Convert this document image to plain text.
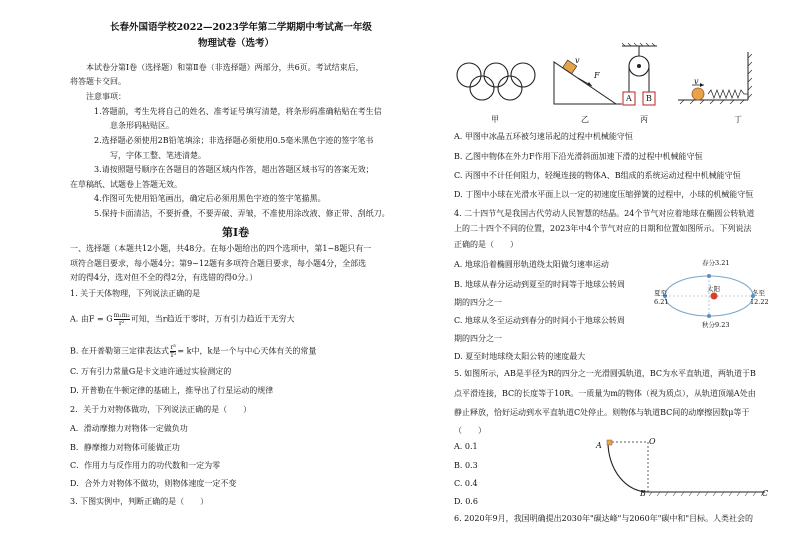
长春外国语学校2022—2023学年第二学期期中考试高一年级
物理试卷（选考）
本试卷分第Ⅰ卷（选择题）和第Ⅱ卷（非选择题）两部分，共6页。考试结束后，
将答题卡交回。
注意事项：
1.答题前，考生先将自己的姓名、准考证号填写清楚，将条形码准确粘贴在考生信
息条形码粘贴区。
2.选择题必须使用2B铅笔填涂；非选择题必须使用0.5毫米黑色字迹的签字笔书
写，字体工整、笔迹清楚。
3.请按照题号顺序在各题目的答题区域内作答，超出答题区域书写的答案无效；
在草稿纸、试题卷上答题无效。
4.作图可先使用铅笔画出，确定后必须用黑色字迹的签字笔描黑。
5.保持卡面清洁，不要折叠，不要弄破、弄皱，不准使用涂改液、修正带、刮纸刀。
第Ⅰ卷
一、选择题（本题共12小题，共48分。在每小题给出的四个选项中，第1~8题只有一
项符合题目要求，每小题4分；第9~12题有多项符合题目要求，每小题4分，全部选
对的得4分，选对但不全的得2分，有选错的得0分。）
1. 关于天体物理，下列说法正确的是
A. 由F = G $\frac{\text{m₁m₂}}{\text{r²}}$ 可知，当r趋近于零时，万有引力趋近于无穷大
B. 在开普勒第三定律表达式 $\frac{\text{r³}}{\text{T²}} = k$中，k是一个与中心天体有关的常量
C. 万有引力常量G是卡文迪许通过实验测定的
D. 开普勒在牛顿定律的基础上，推导出了行星运动的规律
2．关于力对物体做功，下列说法正确的是（　　）
A．滑动摩擦力对物体一定做负功
B．静摩擦力对物体可能做正功
C．作用力与反作用力的功代数和一定为零
D．合外力对物体不做功，则物体速度一定不变
3. 下图实例中，判断正确的是（　　）
甲
F
v
乙
A B
丙
v
丁
A. 甲图中冰晶五环被匀速吊起的过程中机械能守恒
B. 乙图中物体在外力F作用下沿光滑斜面加速下滑的过程中机械能守恒
C. 丙图中不计任何阻力，轻绳连接的物体A、B组成的系统运动过程中机械能守恒
D. 丁图中小球在光滑水平面上以一定的初速度压缩弹簧的过程中，小球的机械能守恒
4. 二十四节气是我国古代劳动人民智慧的结晶。24个节气对应着地球在椭圆公转轨道
上的二十四个不同的位置，2023年中4个节气对应的日期和位置如图所示。下列说法
正确的是（　　）
A. 地球沿着椭圆形轨道绕太阳做匀速率运动
B. 地球从春分运动到夏至的时间等于地球公转周
期的四分之一
C. 地球从冬至运动到春分的时间小于地球公转周
期的四分之一
D. 夏至时地球绕太阳公转的速度最大
春分3.21
夏至
6.21
太阳	冬至
12.22
秋分9.23
5. 如图所示，AB是半径为R的四分之一光滑圆弧轨道，BC为水平直轨道，两轨道于B
点平滑连接，BC的长度等于10R。一质量为m的物体（视为质点），从轨道顶端A处由
静止释放，恰好运动到水平直轨道C处停止。则物体与轨道BC间的动摩擦因数μ等于
（　　）
A. 0.1
B. 0.3
C. 0.4
D. 0.6
A	O
B	C
6. 2020年9月，我国明确提出2030年"碳达峰"与2060年"碳中和"目标。人类社会的
